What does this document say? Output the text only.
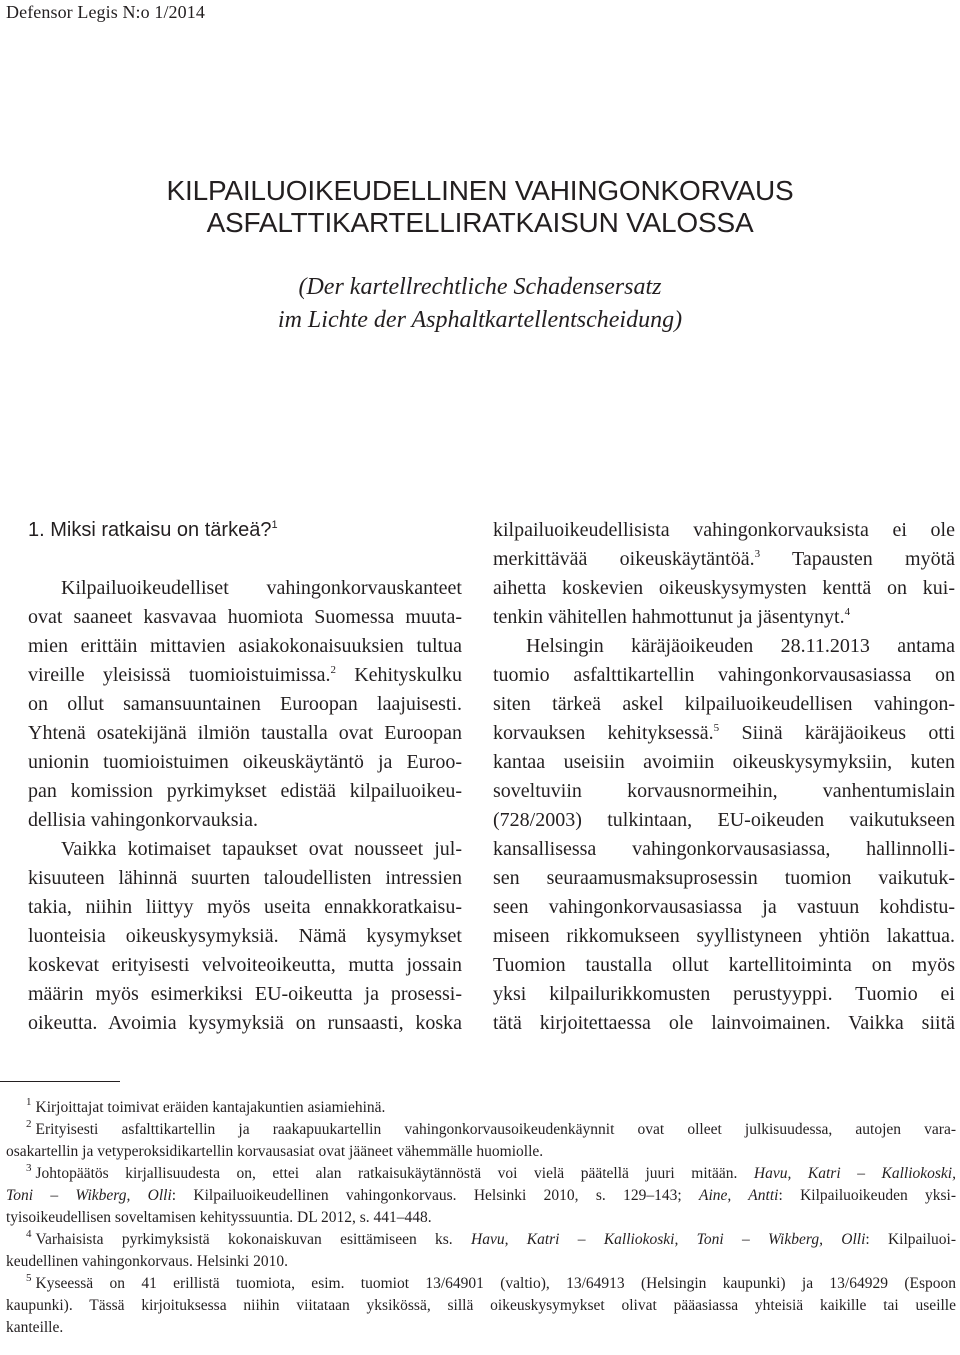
Defensor Legis N:o 1/2014
KILPAILUOIKEUDELLINEN VAHINGONKORVAUS
ASFALTTIKARTELLIRATKAISUN VALOSSA
(Der kartellrechtliche Schadensersatz
im Lichte der Asphaltkartellentscheidung)
1. Miksi ratkaisu on tärkeä?$^1$
Kilpailuoikeudelliset vahingonkorvauskanteet
ovat saaneet kasvavaa huomiota Suomessa muuta-
mien erittäin mittavien asiakokonaisuuksien tultua
vireille yleisissä tuomioistuimissa.$^2$ Kehityskulku
on ollut samansuuntainen Euroopan laajuisesti.
Yhtenä osatekijänä ilmiön taustalla ovat Euroopan
unionin tuomioistuimen oikeuskäytäntö ja Euroo-
pan komission pyrkimykset edistää kilpailuoikeu-
dellisia vahingonkorvauksia.
Vaikka kotimaiset tapaukset ovat nousseet jul-
kisuuteen lähinnä suurten taloudellisten intressien
takia, niihin liittyy myös useita ennakkoratkaisu-
luonteisia oikeuskysymyksiä. Nämä kysymykset
koskevat erityisesti velvoiteoikeutta, mutta jossain
määrin myös esimerkiksi EU-oikeutta ja prosessi-
oikeutta. Avoimia kysymyksiä on runsaasti, koska
kilpailuoikeudellisista vahingonkorvauksista ei ole
merkittävää oikeuskäytäntöä.$^3$ Tapausten myötä
aihetta koskevien oikeuskysymysten kenttä on kui-
tenkin vähitellen hahmottunut ja jäsentynyt.$^4$
Helsingin käräjäoikeuden 28.11.2013 antama
tuomio asfalttikartellin vahingonkorvausasiassa on
siten tärkeä askel kilpailuoikeudellisen vahingon-
korvauksen kehityksessä.$^5$ Siinä käräjäoikeus otti
kantaa useisiin avoimiin oikeuskysymyksiin, kuten
soveltuviin korvausnormeihin, vanhentumislain
(728/2003) tulkintaan, EU-oikeuden vaikutukseen
kansallisessa vahingonkorvausasiassa, hallinnolli-
sen seuraamusmaksuprosessin tuomion vaikutuk-
seen vahingonkorvausasiassa ja vastuun kohdistu-
miseen rikkomukseen syyllistyneen yhtiön lakattua.
Tuomion taustalla ollut kartellitoiminta on myös
yksi kilpailurikkomusten perustyyppi. Tuomio ei
tätä kirjoitettaessa ole lainvoimainen. Vaikka siitä
$^1$ Kirjoittajat toimivat eräiden kantajakuntien asiamiehinä.
$^2$ Erityisesti asfalttikartellin ja raakapuukartellin vahingonkorvausoikeudenkäynnit ovat olleet julkisuudessa, autojen vara-
osakartellin ja vetyperoksidikartellin korvausasiat ovat jääneet vähemmälle huomiolle.
$^3$ Johtopäätös kirjallisuudesta on, ettei alan ratkaisukäytännöstä voi vielä päätellä juuri mitään. Havu, Katri – Kalliokoski,
Toni – Wikberg, Olli: Kilpailuoikeudellinen vahingonkorvaus. Helsinki 2010, s. 129–143; Aine, Antti: Kilpailuoikeuden yksi-
tyisoikeudellisen soveltamisen kehityssuuntia. DL 2012, s. 441–448.
$^4$ Varhaisista pyrkimyksistä kokonaiskuvan esittämiseen ks. Havu, Katri – Kalliokoski, Toni – Wikberg, Olli: Kilpailuoi-
keudellinen vahingonkorvaus. Helsinki 2010.
$^5$ Kyseessä on 41 erillistä tuomiota, esim. tuomiot 13/64901 (valtio), 13/64913 (Helsingin kaupunki) ja 13/64929 (Espoon
kaupunki). Tässä kirjoituksessa niihin viitataan yksikössä, sillä oikeuskysymykset olivat pääasiassa yhteisiä kaikille tai useille
kanteille.
